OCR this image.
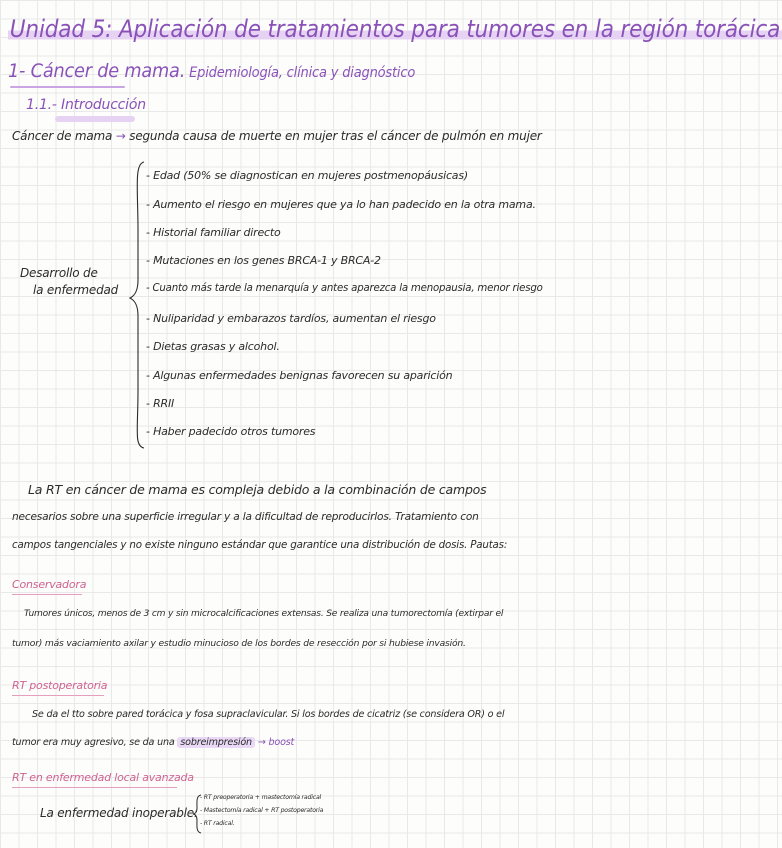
Unidad 5: Aplicación de tratamientos para tumores en la región torácica
1- Cáncer de mama. Epidemiología, clínica y diagnóstico
1.1.- Introducción
Cáncer de mama → segunda causa de muerte en mujer tras el cáncer de pulmón en mujer
Desarrollo de
la enfermedad
- Edad (50% se diagnostican en mujeres postmenopáusicas)
- Aumento el riesgo en mujeres que ya lo han padecido en la otra mama.
- Historial familiar directo
- Mutaciones en los genes BRCA-1 y BRCA-2
- Cuanto más tarde la menarquía y antes aparezca la menopausia, menor riesgo
- Nuliparidad y embarazos tardíos, aumentan el riesgo
- Dietas grasas y alcohol.
- Algunas enfermedades benignas favorecen su aparición
- RRII
- Haber padecido otros tumores
La RT en cáncer de mama es compleja debido a la combinación de campos
necesarios sobre una superficie irregular y a la dificultad de reproducirlos. Tratamiento con
campos tangenciales y no existe ninguno estándar que garantice una distribución de dosis. Pautas:
Conservadora
Tumores únicos, menos de 3 cm y sin microcalcificaciones extensas. Se realiza una tumorectomía (extirpar el
tumor) más vaciamiento axilar y estudio minucioso de los bordes de resección por si hubiese invasión.
RT postoperatoria
Se da el tto sobre pared torácica y fosa supraclavicular. Si los bordes de cicatriz (se considera OR) o el
tumor era muy agresivo, se da una sobreimpresión → boost
RT en enfermedad local avanzada
La enfermedad inoperable:
- RT preoperatoria + mastectomía radical
- Mastectomía radical + RT postoperatoria
- RT radical.
